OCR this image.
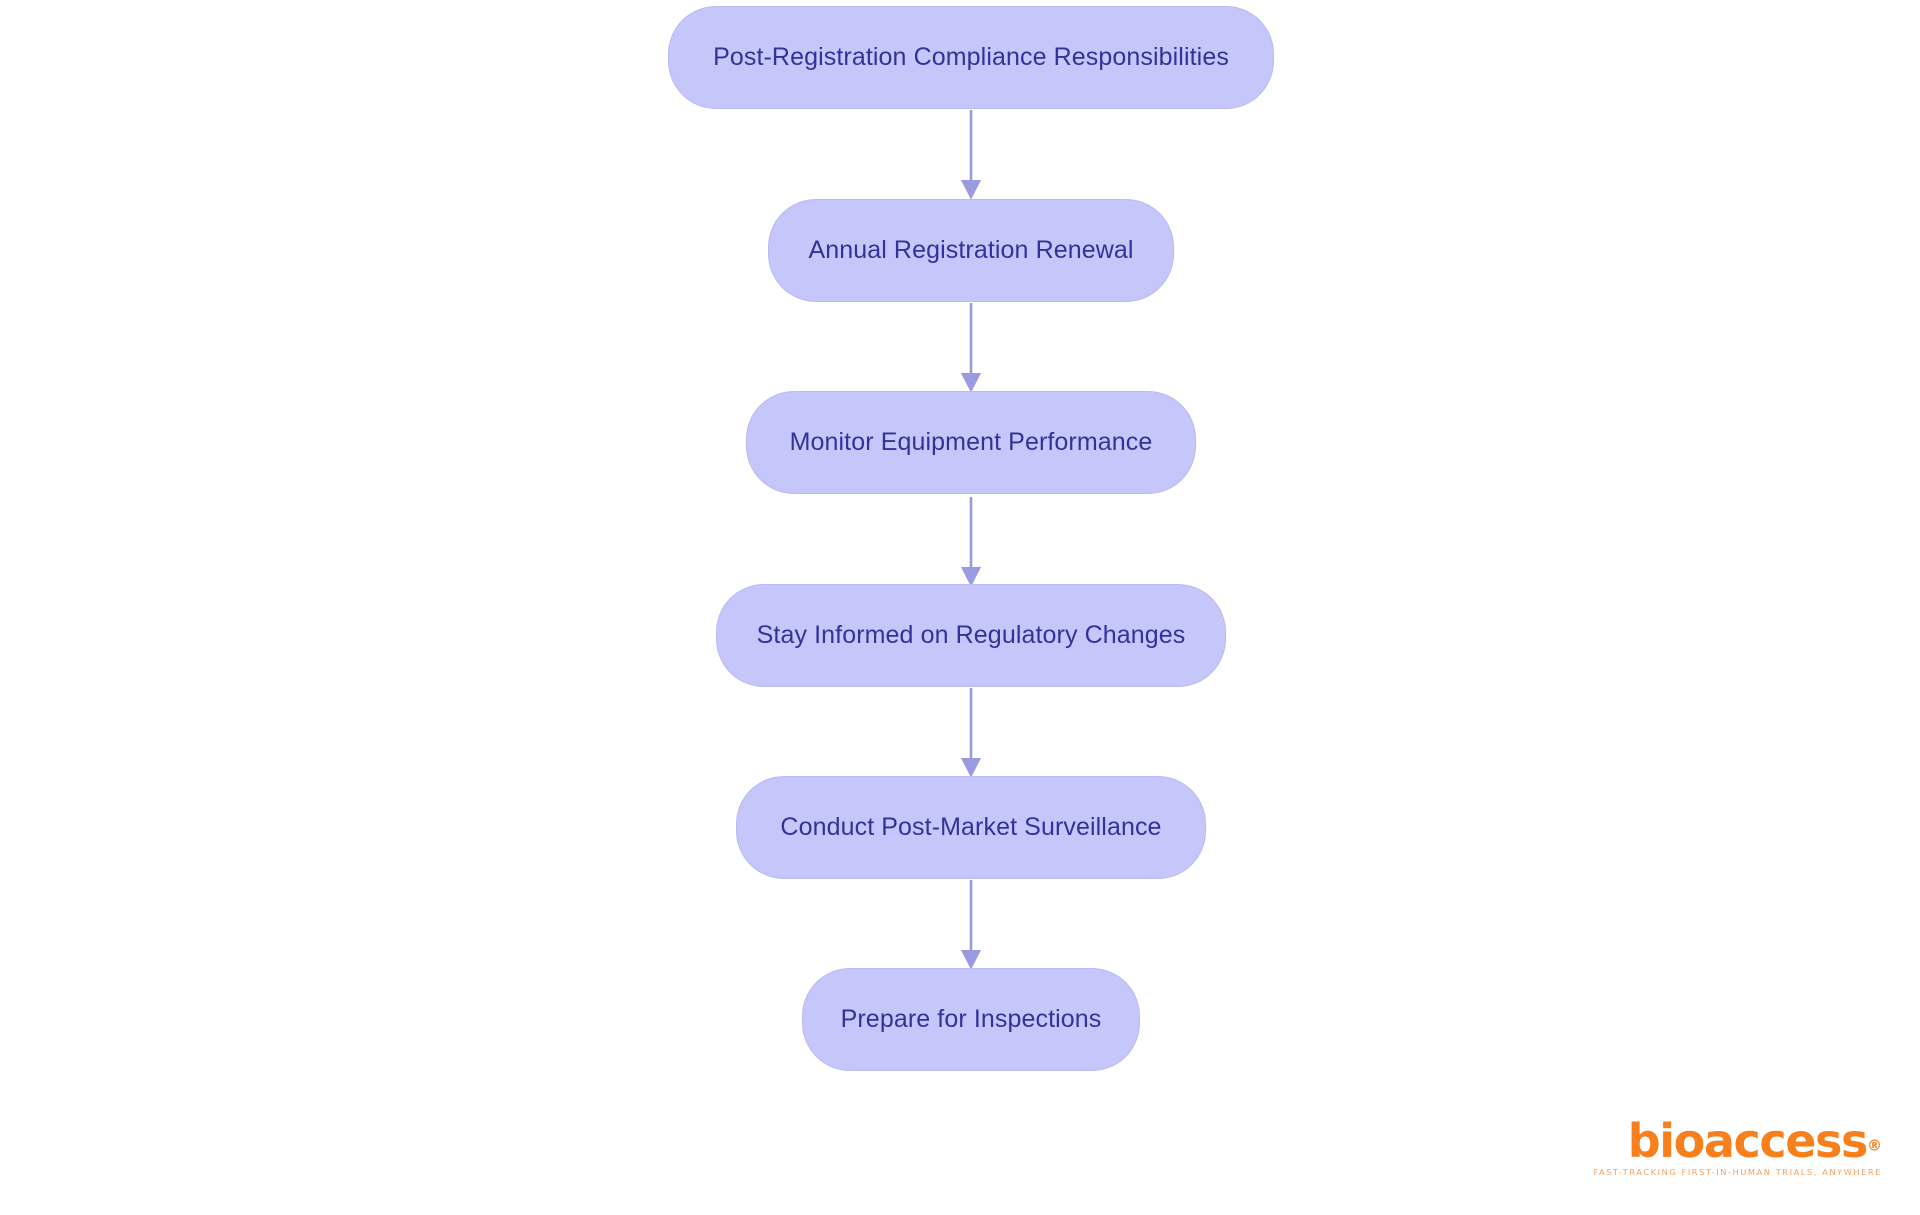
Post-Registration Compliance Responsibilities
Annual Registration Renewal
Monitor Equipment Performance
Stay Informed on Regulatory Changes
Conduct Post-Market Surveillance
Prepare for Inspections
bioaccess®
FAST-TRACKING FIRST-IN-HUMAN TRIALS, ANYWHERE
